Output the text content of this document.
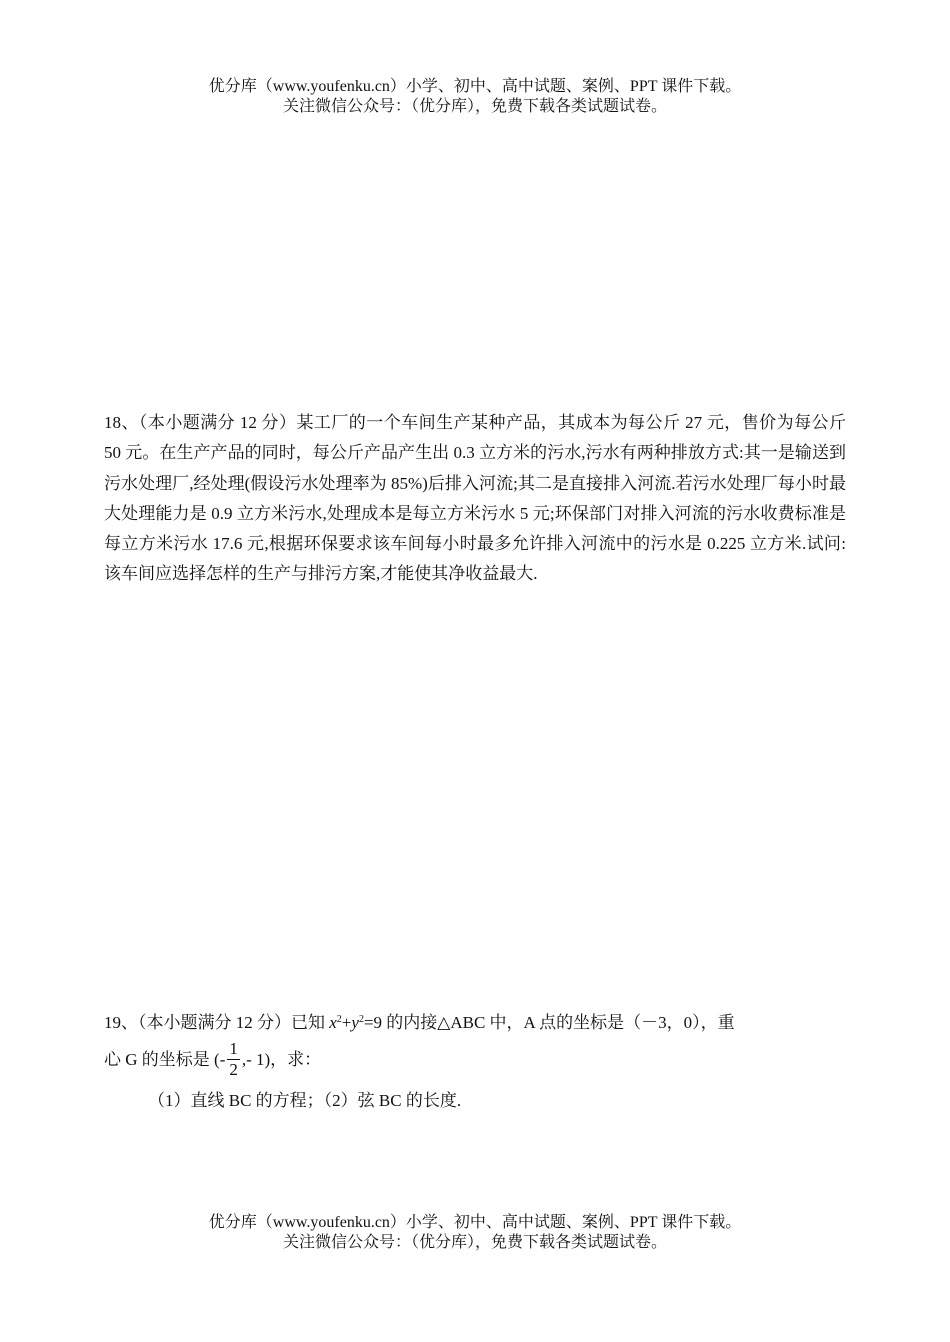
优分库（www.youfenku.cn）小学、初中、高中试题、案例、PPT 课件下载。
关注微信公众号：（优分库），免费下载各类试题试卷。
18、（本小题满分 12 分）某工厂的一个车间生产某种产品，其成本为每公斤 27 元，售价为每公斤 50 元。在生产产品的同时，每公斤产品产生出 0.3 立方米的污水,污水有两种排放方式:其一是输送到污水处理厂,经处理(假设污水处理率为 85%)后排入河流;其二是直接排入河流.若污水处理厂每小时最大处理能力是 0.9 立方米污水,处理成本是每立方米污水 5 元;环保部门对排入河流的污水收费标准是每立方米污水 17.6 元,根据环保要求该车间每小时最多允许排入河流中的污水是 0.225 立方米.试问:该车间应选择怎样的生产与排污方案,才能使其净收益最大.
19、（本小题满分 12 分）已知 $x^2+y^2=9$ 的内接△ABC 中，A 点的坐标是（－3，0），重
心 G 的坐标是 (- $\frac{1}{2}$ ,- 1)，求：
（1）直线 BC 的方程；（2）弦 BC 的长度.
优分库（www.youfenku.cn）小学、初中、高中试题、案例、PPT 课件下载。
关注微信公众号：（优分库），免费下载各类试题试卷。
